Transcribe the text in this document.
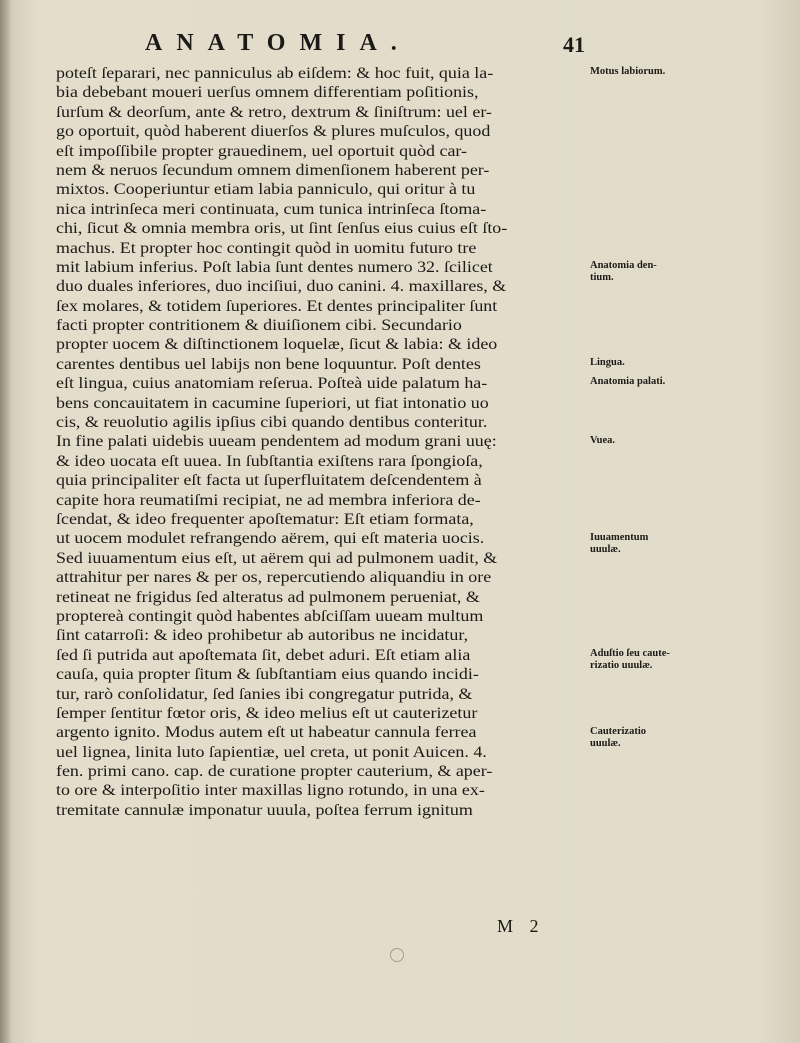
ANATOMIA.	41
poteſt ſeparari, nec panniculus ab eiſdem: & hoc fuit, quia la-
bia debebant moueri uerſus omnem differentiam poſitionis,
ſurſum & deorſum, ante & retro, dextrum & ſiniſtrum: uel er-
go oportuit, quòd haberent diuerſos & plures muſculos, quod
eſt impoſſibile propter grauedinem, uel oportuit quòd car-
nem & neruos ſecundum omnem dimenſionem haberent per-
mixtos. Cooperiuntur etiam labia panniculo, qui oritur à tu
nica intrinſeca meri continuata, cum tunica intrinſeca ſtoma-
chi, ſicut & omnia membra oris, ut ſint ſenſus eius cuius eſt ſto-
machus. Et propter hoc contingit quòd in uomitu futuro tre
mit labium inferius. Poſt labia ſunt dentes numero 32. ſcilicet
duo duales inferiores, duo inciſiui, duo canini. 4. maxillares, &
ſex molares, & totidem ſuperiores. Et dentes principaliter ſunt
facti propter contritionem & diuiſionem cibi. Secundario
propter uocem & diſtinctionem loquelæ, ſicut & labia: & ideo
carentes dentibus uel labijs non bene loquuntur. Poſt dentes
eſt lingua, cuius anatomiam reſerua. Poſteà uide palatum ha-
bens concauitatem in cacumine ſuperiori, ut fiat intonatio uo
cis, & reuolutio agilis ipſius cibi quando dentibus conteritur.
In fine palati uidebis uueam pendentem ad modum grani uuę:
& ideo uocata eſt uuea. In ſubſtantia exiſtens rara ſpongioſa,
quia principaliter eſt facta ut ſuperfluitatem deſcendentem à
capite hora reumatiſmi recipiat, ne ad membra inferiora de-
ſcendat, & ideo frequenter apoſtematur: Eſt etiam formata,
ut uocem modulet refrangendo aërem, qui eſt materia uocis.
Sed iuuamentum eius eſt, ut aërem qui ad pulmonem uadit, &
attrahitur per nares & per os, repercutiendo aliquandiu in ore
retineat ne frigidus ſed alteratus ad pulmonem perueniat, &
proptereà contingit quòd habentes abſciſſam uueam multum
ſint catarroſi: & ideo prohibetur ab autoribus ne incidatur,
ſed ſi putrida aut apoſtemata ſit, debet aduri. Eſt etiam alia
cauſa, quia propter ſitum & ſubſtantiam eius quando incidi-
tur, rarò conſolidatur, ſed ſanies ibi congregatur putrida, &
ſemper ſentitur fœtor oris, & ideo melius eſt ut cauterizetur
argento ignito. Modus autem eſt ut habeatur cannula ferrea
uel lignea, linita luto ſapientiæ, uel creta, ut ponit Auicen. 4.
fen. primi cano. cap. de curatione propter cauterium, & aper-
to ore & interpoſitio inter maxillas ligno rotundo, in una ex-
tremitate cannulæ imponatur uuula, poſtea ferrum ignitum
Motus labiorum.
Anatomia den-
tium.
Lingua.
Anatomia palati.
Vuea.
Iuuamentum
uuulæ.
Aduſtio ſeu caute-
rizatio uuulæ.
Cauterizatio
uuulæ.
M 2
